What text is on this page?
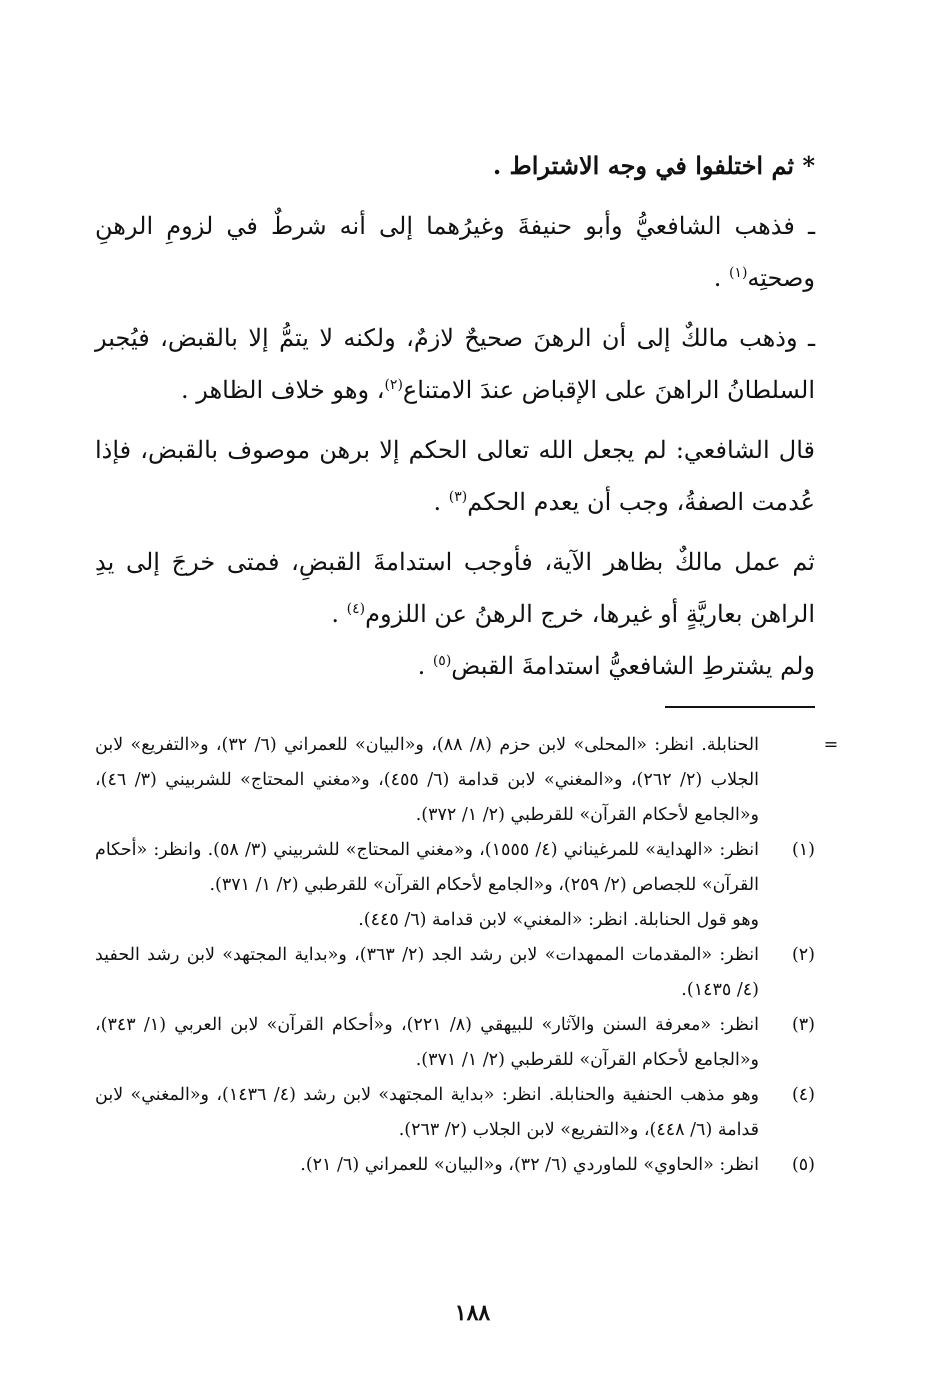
* ثم اختلفوا في وجه الاشتراط .

ـ فذهب الشافعيُّ وأبو حنيفةَ وغيرُهما إلى أنه شرطٌ في لزومِ الرهنِ وصحتِه$^{(١)}$ .

ـ وذهب مالكٌ إلى أن الرهنَ صحيحٌ لازمٌ، ولكنه لا يتمُّ إلا بالقبض، فيُجبر السلطانُ الراهنَ على الإقباض عندَ الامتناع$^{(٢)}$، وهو خلاف الظاهر .

قال الشافعي: لم يجعل الله تعالى الحكم إلا برهن موصوف بالقبض، فإذا عُدمت الصفةُ، وجب أن يعدم الحكم$^{(٣)}$ .

ثم عمل مالكٌ بظاهر الآية، فأوجب استدامةَ القبضِ، فمتى خرجَ إلى يدِ الراهن بعاريَّةٍ أو غيرها، خرج الرهنُ عن اللزوم$^{(٤)}$ .

ولم يشترطِ الشافعيُّ استدامةَ القبض$^{(٥)}$ .

=
الحنابلة. انظر: «المحلى» لابن حزم (٨/ ٨٨)، و«البيان» للعمراني (٦/ ٣٢)، و«التفريع» لابن الجلاب (٢/ ٢٦٢)، و«المغني» لابن قدامة (٦/ ٤٥٥)، و«مغني المحتاج» للشربيني (٣/ ٤٦)، و«الجامع لأحكام القرآن» للقرطبي (٢/ ١/ ٣٧٢).
(١)
انظر: «الهداية» للمرغيناني (٤/ ١٥٥٥)، و«مغني المحتاج» للشربيني (٣/ ٥٨). وانظر: «أحكام القرآن» للجصاص (٢/ ٢٥٩)، و«الجامع لأحكام القرآن» للقرطبي (٢/ ١/ ٣٧١).
وهو قول الحنابلة. انظر: «المغني» لابن قدامة (٦/ ٤٤٥).
(٢)
انظر: «المقدمات الممهدات» لابن رشد الجد (٢/ ٣٦٣)، و«بداية المجتهد» لابن رشد الحفيد (٤/ ١٤٣٥).
(٣)
انظر: «معرفة السنن والآثار» للبيهقي (٨/ ٢٢١)، و«أحكام القرآن» لابن العربي (١/ ٣٤٣)، و«الجامع لأحكام القرآن» للقرطبي (٢/ ١/ ٣٧١).
(٤)
وهو مذهب الحنفية والحنابلة. انظر: «بداية المجتهد» لابن رشد (٤/ ١٤٣٦)، و«المغني» لابن قدامة (٦/ ٤٤٨)، و«التفريع» لابن الجلاب (٢/ ٢٦٣).
(٥)
انظر: «الحاوي» للماوردي (٦/ ٣٢)، و«البيان» للعمراني (٦/ ٢١).
١٨٨
